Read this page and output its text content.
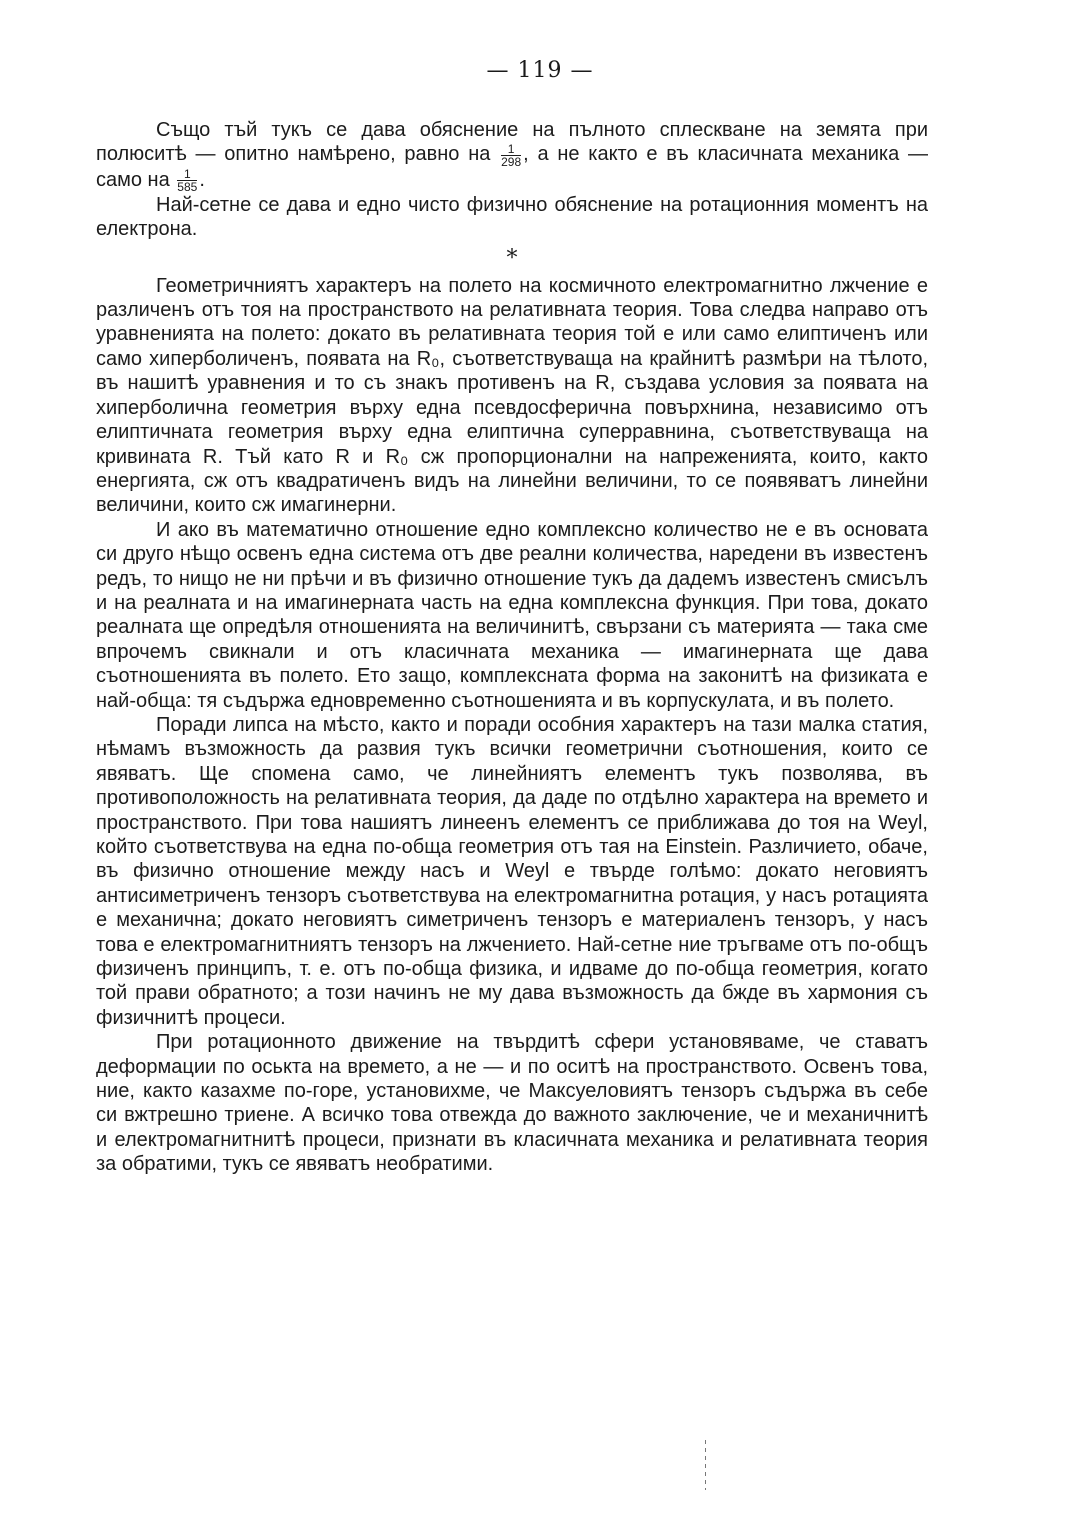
— 119 —

Също тъй тукъ се дава обяснение на пълното сплескване на земята при полюситѣ — опитно намѣрено, равно на $\frac{1}{298}$ , а не както е въ класичната механика — само на $\frac{1}{585}$ .

Най-сетне се дава и едно чисто физично обяснение на ротационния моментъ на електрона.

*

Геометричниятъ характеръ на полето на космичното електромагнитно лжчение е различенъ отъ тоя на пространството на релативната теория. Това следва направо отъ уравненията на полето: докато въ релативната теория той е или само елиптиченъ или само хиперболиченъ, появата на R₀, съответствуваща на крайнитѣ размѣри на тѣлото, въ нашитѣ уравнения и то съ знакъ противенъ на R, създава условия за появата на хиперболична геометрия върху една псевдосферична повърхнина, независимо отъ елиптичната геометрия върху една елиптична суперравнина, съответствуваща на кривината R. Тъй като R и R₀ сж пропорционални на напреженията, които, както енергията, сж отъ квадратиченъ видъ на линейни величини, то се появяватъ линейни величини, които сж имагинерни.

И ако въ математично отношение едно комплексно количество не е въ основата си друго нѣщо освенъ една система отъ две реални количества, наредени въ известенъ редъ, то нищо не ни прѣчи и въ физично отношение тукъ да дадемъ известенъ смисълъ и на реалната и на имагинерната часть на една комплексна функция. При това, докато реалната ще опредѣля отношенията на величинитѣ, свързани съ материята — така сме впрочемъ свикнали и отъ класичната механика — имагинерната ще дава съотношенията въ полето. Ето защо, комплексната форма на законитѣ на физиката е най-обща: тя съдържа едновременно съотношенията и въ корпускулата, и въ полето.

Поради липса на мѣсто, както и поради особния характеръ на тази малка статия, нѣмамъ възможность да развия тукъ всички геометрични съотношения, които се явяватъ. Ще спомена само, че линейниятъ елементъ тукъ позволява, въ противоположность на релативната теория, да даде по отдѣлно характера на времето и пространството. При това нашиятъ линеенъ елементъ се приближава до тоя на Weyl, който съответствува на една по-обща геометрия отъ тая на Einstein. Различието, обаче, въ физично отношение между насъ и Weyl е твърде голѣмо: докато неговиятъ антисиметриченъ тензоръ съответствува на електромагнитна ротация, у насъ ротацията е механична; докато неговиятъ симетриченъ тензоръ е материаленъ тензоръ, у насъ това е електромагнитниятъ тензоръ на лжчението. Най-сетне ние тръгваме отъ по-общъ физиченъ принципъ, т. е. отъ по-обща физика, и идваме до по-обща геометрия, когато той прави обратното; а този начинъ не му дава възможность да бжде въ хармония съ физичнитѣ процеси.

При ротационното движение на твърдитѣ сфери установяваме, че ставатъ деформации по оськта на времето, а не — и по оситѣ на пространството. Освенъ това, ние, както казахме по-горе, установихме, че Максуеловиятъ тензоръ съдържа въ себе си вжтрешно триене. А всичко това отвежда до важното заключение, че и механичнитѣ и електромагнитнитѣ процеси, признати въ класичната механика и релативната теория за обратими, тукъ се явяватъ необратими.
